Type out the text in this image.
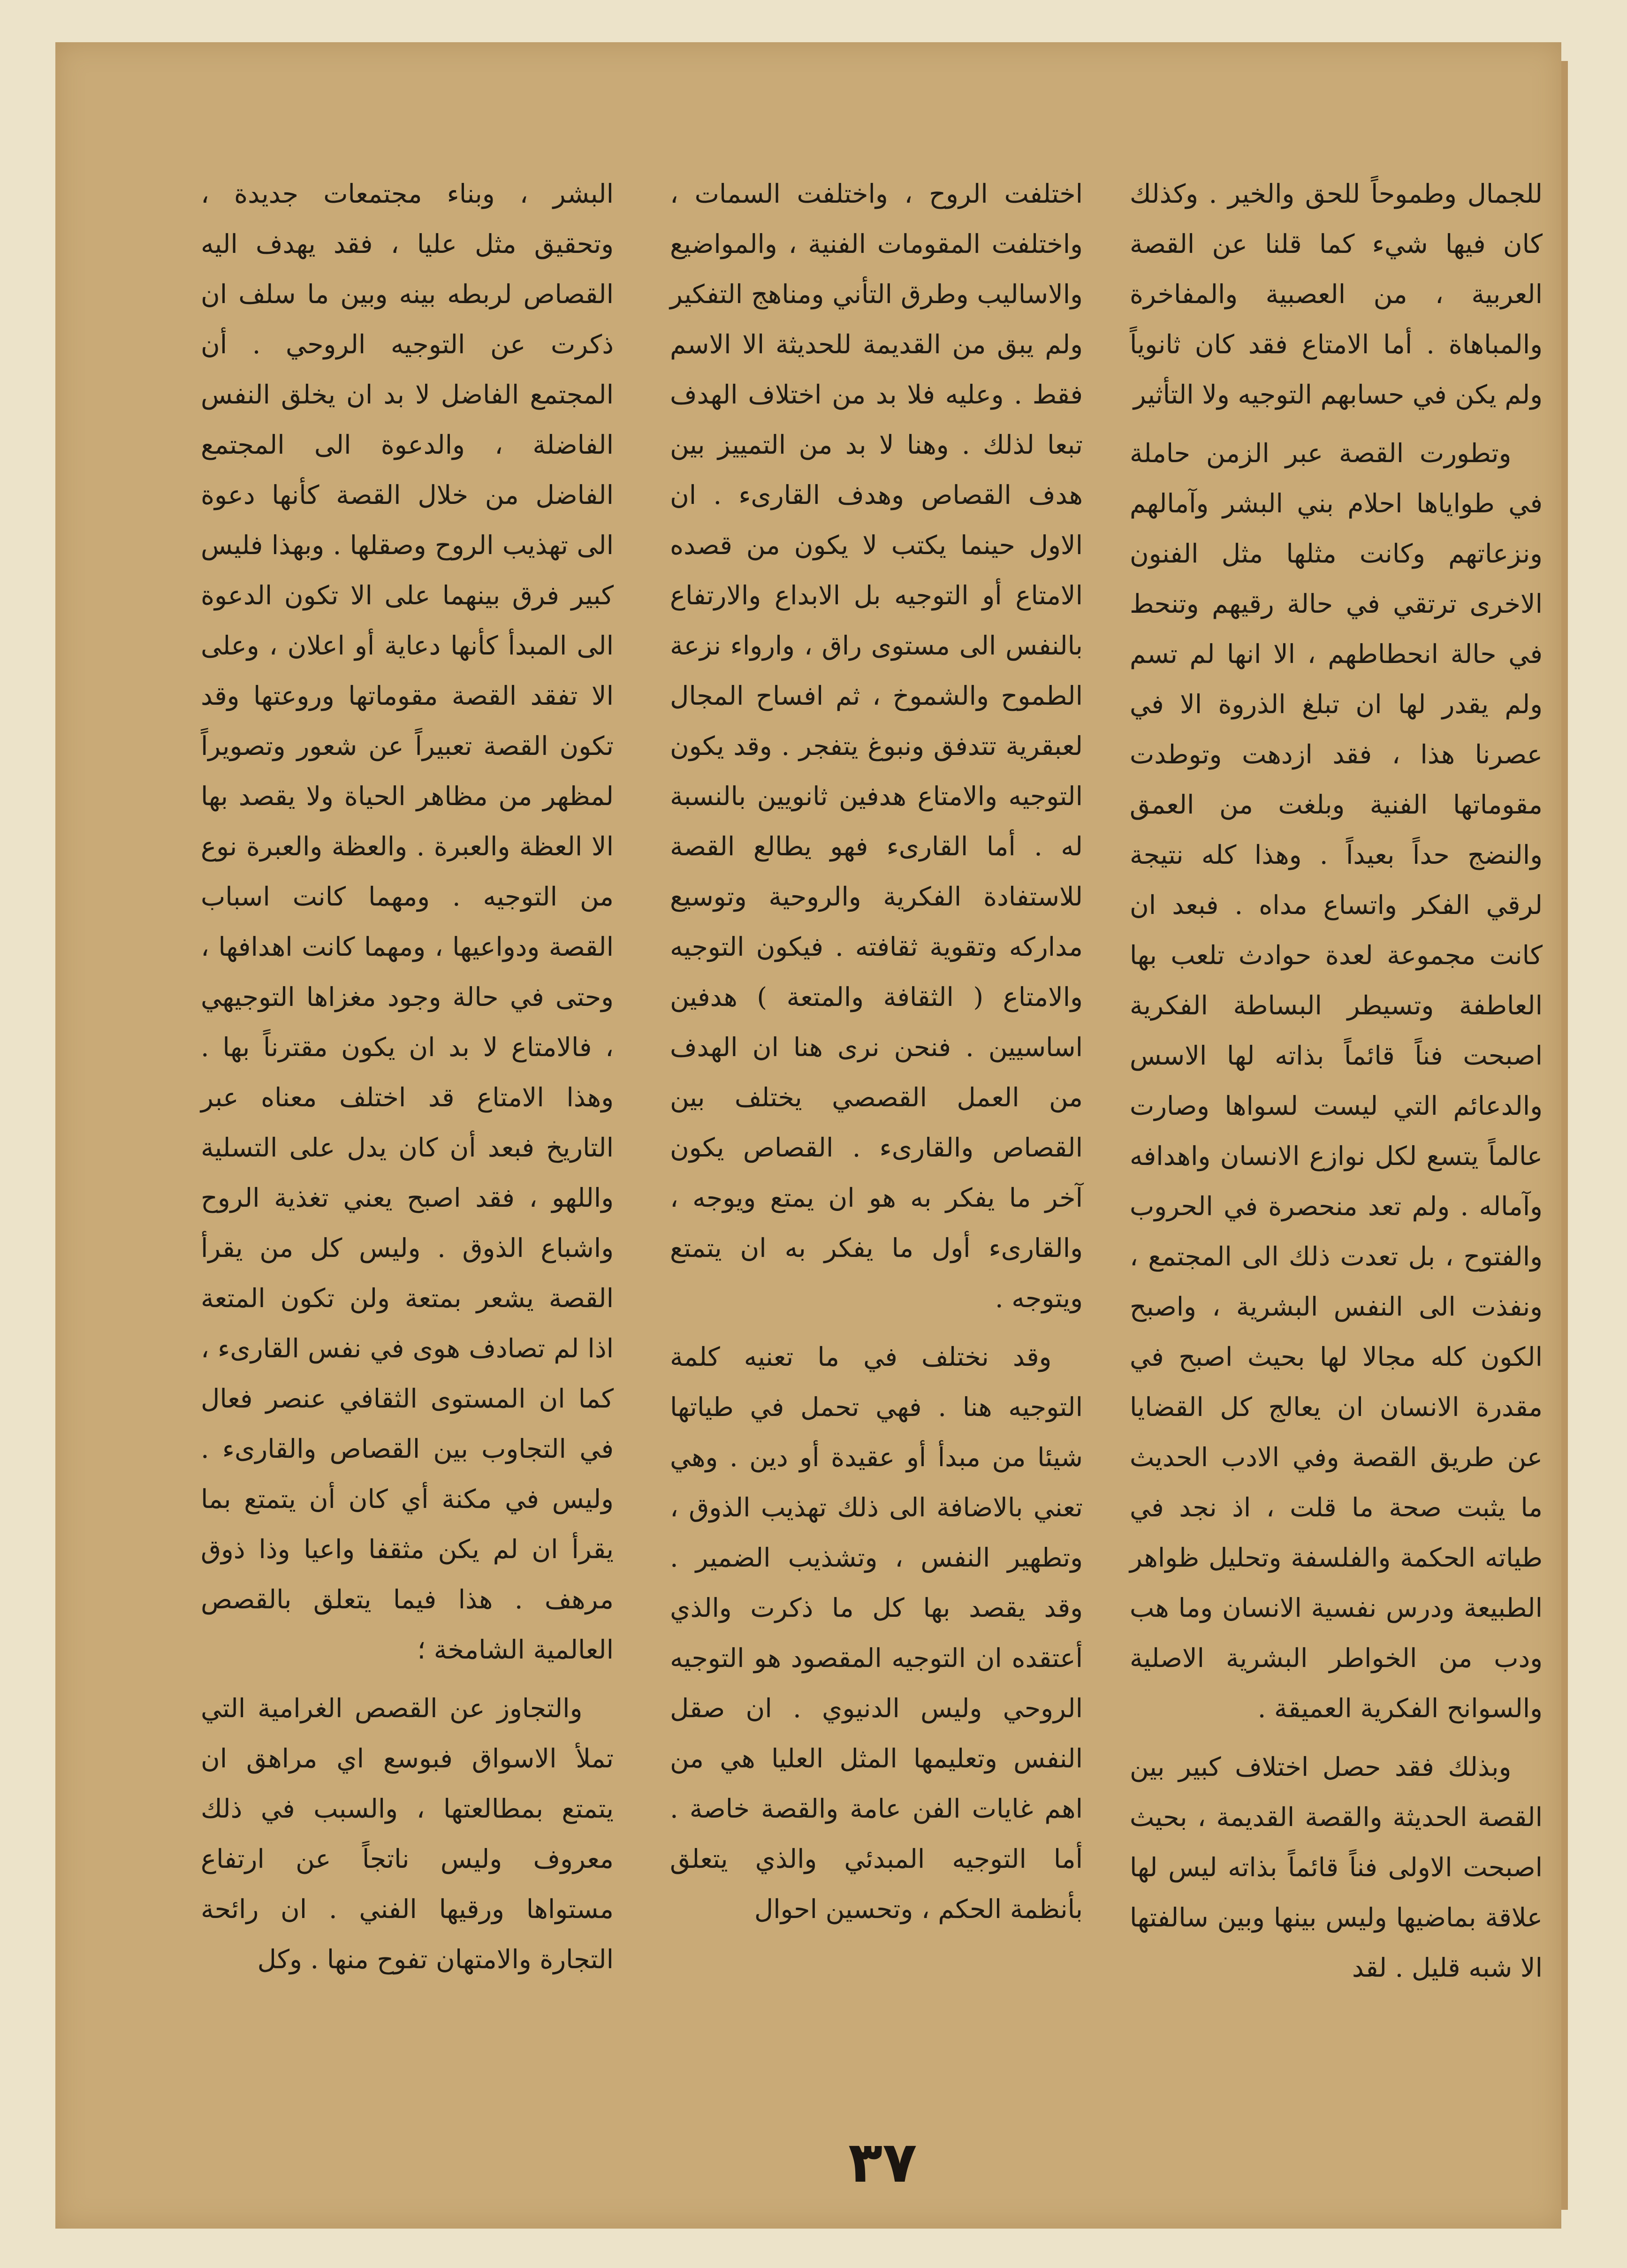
للجمال وطموحاً للحق والخير . وكذلك كان فيها شيء كما قلنا عن القصة العربية ، من العصبية والمفاخرة والمباهاة . أما الامتاع فقد كان ثانوياً ولم يكن في حسابهم التوجيه ولا التأثير

وتطورت القصة عبر الزمن حاملة في طواياها احلام بني البشر وآمالهم ونزعاتهم وكانت مثلها مثل الفنون الاخرى ترتقي في حالة رقيهم وتنحط في حالة انحطاطهم ، الا انها لم تسم ولم يقدر لها ان تبلغ الذروة الا في عصرنا هذا ، فقد ازدهت وتوطدت مقوماتها الفنية وبلغت من العمق والنضج حداً بعيداً . وهذا كله نتيجة لرقي الفكر واتساع مداه . فبعد ان كانت مجموعة لعدة حوادث تلعب بها العاطفة وتسيطر البساطة الفكرية اصبحت فناً قائماً بذاته لها الاسس والدعائم التي ليست لسواها وصارت عالماً يتسع لكل نوازع الانسان واهدافه وآماله . ولم تعد منحصرة في الحروب والفتوح ، بل تعدت ذلك الى المجتمع ، ونفذت الى النفس البشرية ، واصبح الكون كله مجالا لها بحيث اصبح في مقدرة الانسان ان يعالج كل القضايا عن طريق القصة وفي الادب الحديث ما يثبت صحة ما قلت ، اذ نجد في طياته الحكمة والفلسفة وتحليل ظواهر الطبيعة ودرس نفسية الانسان وما هب ودب من الخواطر البشرية الاصلية والسوانح الفكرية العميقة .

وبذلك فقد حصل اختلاف كبير بين القصة الحديثة والقصة القديمة ، بحيث اصبحت الاولى فناً قائماً بذاته ليس لها علاقة بماضيها وليس بينها وبين سالفتها الا شبه قليل . لقد

اختلفت الروح ، واختلفت السمات ، واختلفت المقومات الفنية ، والمواضيع والاساليب وطرق التأني ومناهج التفكير ولم يبق من القديمة للحديثة الا الاسم فقط . وعليه فلا بد من اختلاف الهدف تبعا لذلك . وهنا لا بد من التمييز بين هدف القصاص وهدف القارىء . ان الاول حينما يكتب لا يكون من قصده الامتاع أو التوجيه بل الابداع والارتفاع بالنفس الى مستوى راق ، وارواء نزعة الطموح والشموخ ، ثم افساح المجال لعبقرية تتدفق ونبوغ يتفجر . وقد يكون التوجيه والامتاع هدفين ثانويين بالنسبة له . أما القارىء فهو يطالع القصة للاستفادة الفكرية والروحية وتوسيع مداركه وتقوية ثقافته . فيكون التوجيه والامتاع ( الثقافة والمتعة ) هدفين اساسيين . فنحن نرى هنا ان الهدف من العمل القصصي يختلف بين القصاص والقارىء . القصاص يكون آخر ما يفكر به هو ان يمتع ويوجه ، والقارىء أول ما يفكر به ان يتمتع ويتوجه .

وقد نختلف في ما تعنيه كلمة التوجيه هنا . فهي تحمل في طياتها شيئا من مبدأ أو عقيدة أو دين . وهي تعني بالاضافة الى ذلك تهذيب الذوق ، وتطهير النفس ، وتشذيب الضمير . وقد يقصد بها كل ما ذكرت والذي أعتقده ان التوجيه المقصود هو التوجيه الروحي وليس الدنيوي . ان صقل النفس وتعليمها المثل العليا هي من اهم غايات الفن عامة والقصة خاصة . أما التوجيه المبدئي والذي يتعلق بأنظمة الحكم ، وتحسين احوال

البشر ، وبناء مجتمعات جديدة ، وتحقيق مثل عليا ، فقد يهدف اليه القصاص لربطه بينه وبين ما سلف ان ذكرت عن التوجيه الروحي . أن المجتمع الفاضل لا بد ان يخلق النفس الفاضلة ، والدعوة الى المجتمع الفاضل من خلال القصة كأنها دعوة الى تهذيب الروح وصقلها . وبهذا فليس كبير فرق بينهما على الا تكون الدعوة الى المبدأ كأنها دعاية أو اعلان ، وعلى الا تفقد القصة مقوماتها وروعتها وقد تكون القصة تعبيراً عن شعور وتصويراً لمظهر من مظاهر الحياة ولا يقصد بها الا العظة والعبرة . والعظة والعبرة نوع من التوجيه . ومهما كانت اسباب القصة ودواعيها ، ومهما كانت اهدافها ، وحتى في حالة وجود مغزاها التوجيهي ، فالامتاع لا بد ان يكون مقترناً بها . وهذا الامتاع قد اختلف معناه عبر التاريخ فبعد أن كان يدل على التسلية واللهو ، فقد اصبح يعني تغذية الروح واشباع الذوق . وليس كل من يقرأ القصة يشعر بمتعة ولن تكون المتعة اذا لم تصادف هوى في نفس القارىء ، كما ان المستوى الثقافي عنصر فعال في التجاوب بين القصاص والقارىء . وليس في مكنة أي كان أن يتمتع بما يقرأ ان لم يكن مثقفا واعيا وذا ذوق مرهف . هذا فيما يتعلق بالقصص العالمية الشامخة ؛

والتجاوز عن القصص الغرامية التي تملأ الاسواق فبوسع اي مراهق ان يتمتع بمطالعتها ، والسبب في ذلك معروف وليس ناتجاً عن ارتفاع مستواها ورقيها الفني . ان رائحة التجارة والامتهان تفوح منها . وكل

٣٧
